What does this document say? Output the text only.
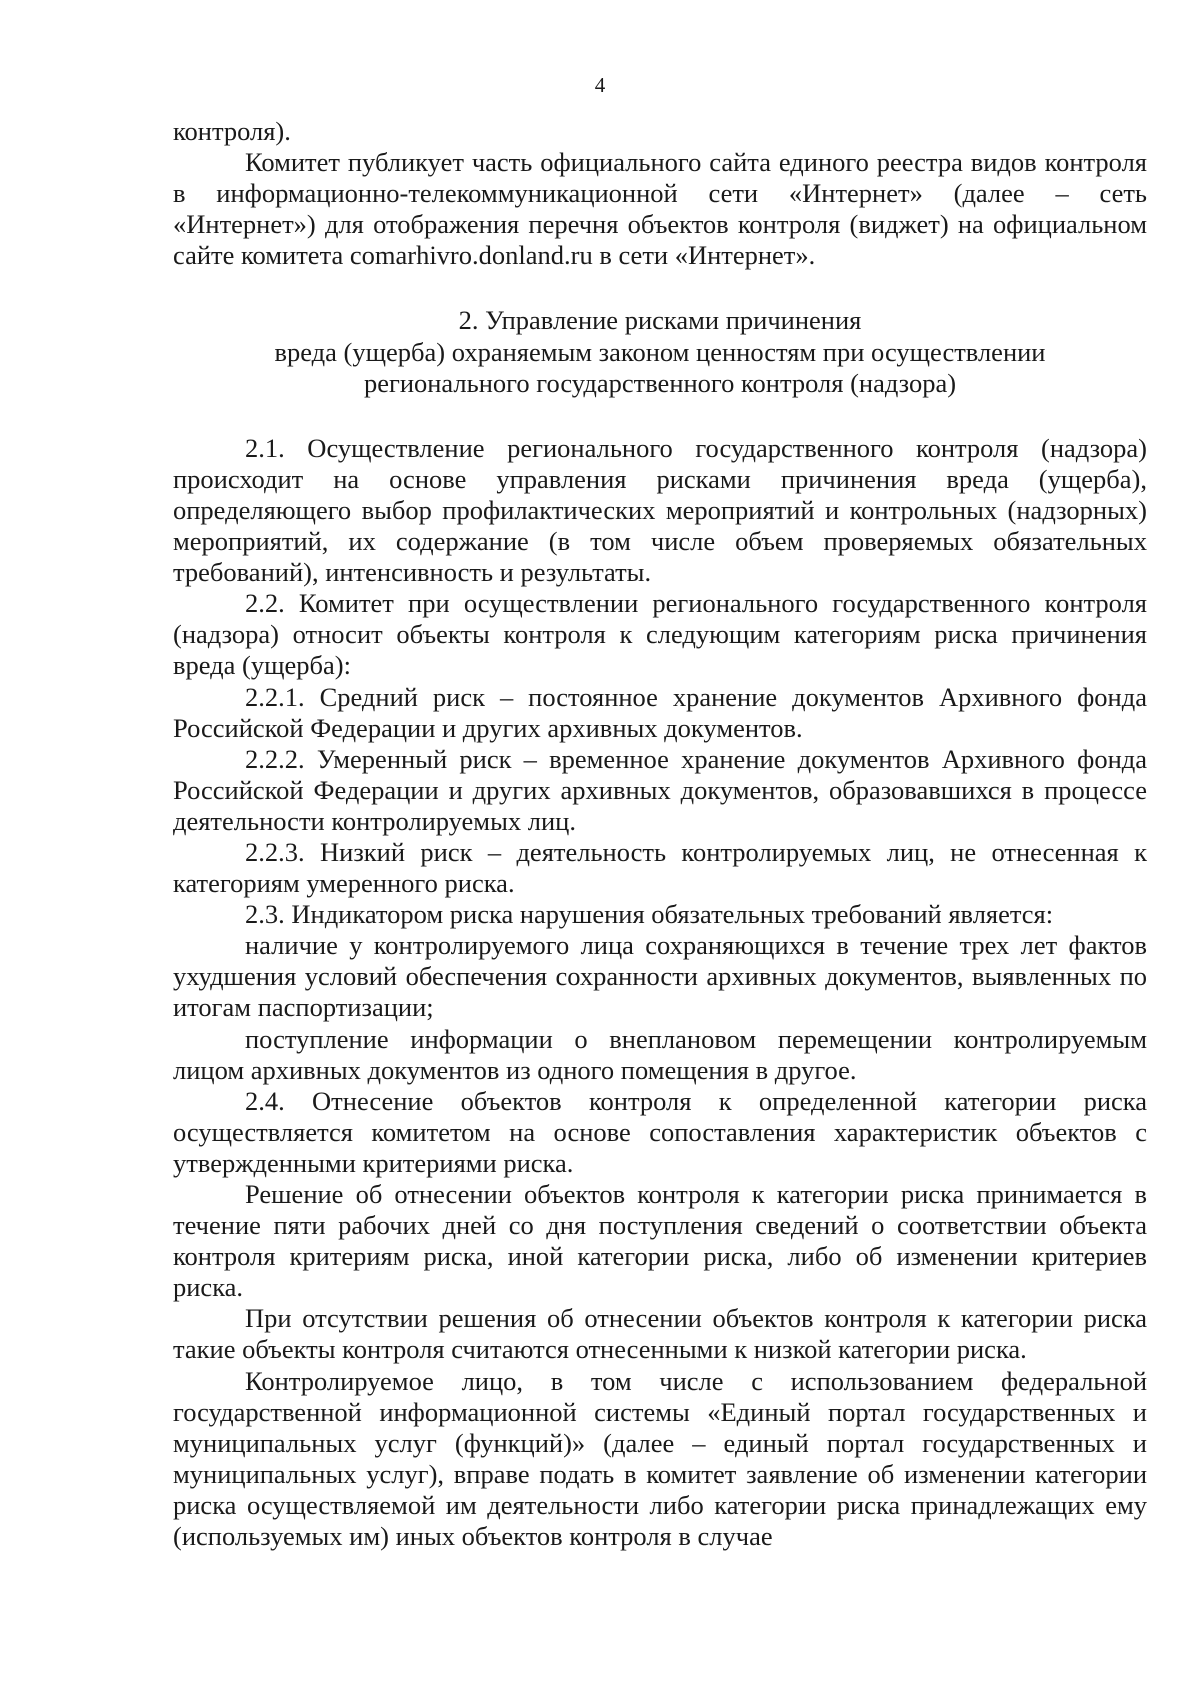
4

контроля).

Комитет публикует часть официального сайта единого реестра видов контроля в информационно-телекоммуникационной сети «Интернет» (далее – сеть «Интернет») для отображения перечня объектов контроля (виджет) на официальном сайте комитета comarhivro.donland.ru в сети «Интернет».

2. Управление рисками причинения
вреда (ущерба) охраняемым законом ценностям при осуществлении
регионального государственного контроля (надзора)

2.1. Осуществление регионального государственного контроля (надзора) происходит на основе управления рисками причинения вреда (ущерба), определяющего выбор профилактических мероприятий и контрольных (надзорных) мероприятий, их содержание (в том числе объем проверяемых обязательных требований), интенсивность и результаты.

2.2. Комитет при осуществлении регионального государственного контроля (надзора) относит объекты контроля к следующим категориям риска причинения вреда (ущерба):

2.2.1. Средний риск – постоянное хранение документов Архивного фонда Российской Федерации и других архивных документов.

2.2.2. Умеренный риск – временное хранение документов Архивного фонда Российской Федерации и других архивных документов, образовавшихся в процессе деятельности контролируемых лиц.

2.2.3. Низкий риск – деятельность контролируемых лиц, не отнесенная к категориям умеренного риска.

2.3. Индикатором риска нарушения обязательных требований является:

наличие у контролируемого лица сохраняющихся в течение трех лет фактов ухудшения условий обеспечения сохранности архивных документов, выявленных по итогам паспортизации;

поступление информации о внеплановом перемещении контролируемым лицом архивных документов из одного помещения в другое.

2.4. Отнесение объектов контроля к определенной категории риска осуществляется комитетом на основе сопоставления характеристик объектов с утвержденными критериями риска.

Решение об отнесении объектов контроля к категории риска принимается в течение пяти рабочих дней со дня поступления сведений о соответствии объекта контроля критериям риска, иной категории риска, либо об изменении критериев риска.

При отсутствии решения об отнесении объектов контроля к категории риска такие объекты контроля считаются отнесенными к низкой категории риска.

Контролируемое лицо, в том числе с использованием федеральной государственной информационной системы «Единый портал государственных и муниципальных услуг (функций)» (далее – единый портал государственных и муниципальных услуг), вправе подать в комитет заявление об изменении категории риска осуществляемой им деятельности либо категории риска принадлежащих ему (используемых им) иных объектов контроля в случае
